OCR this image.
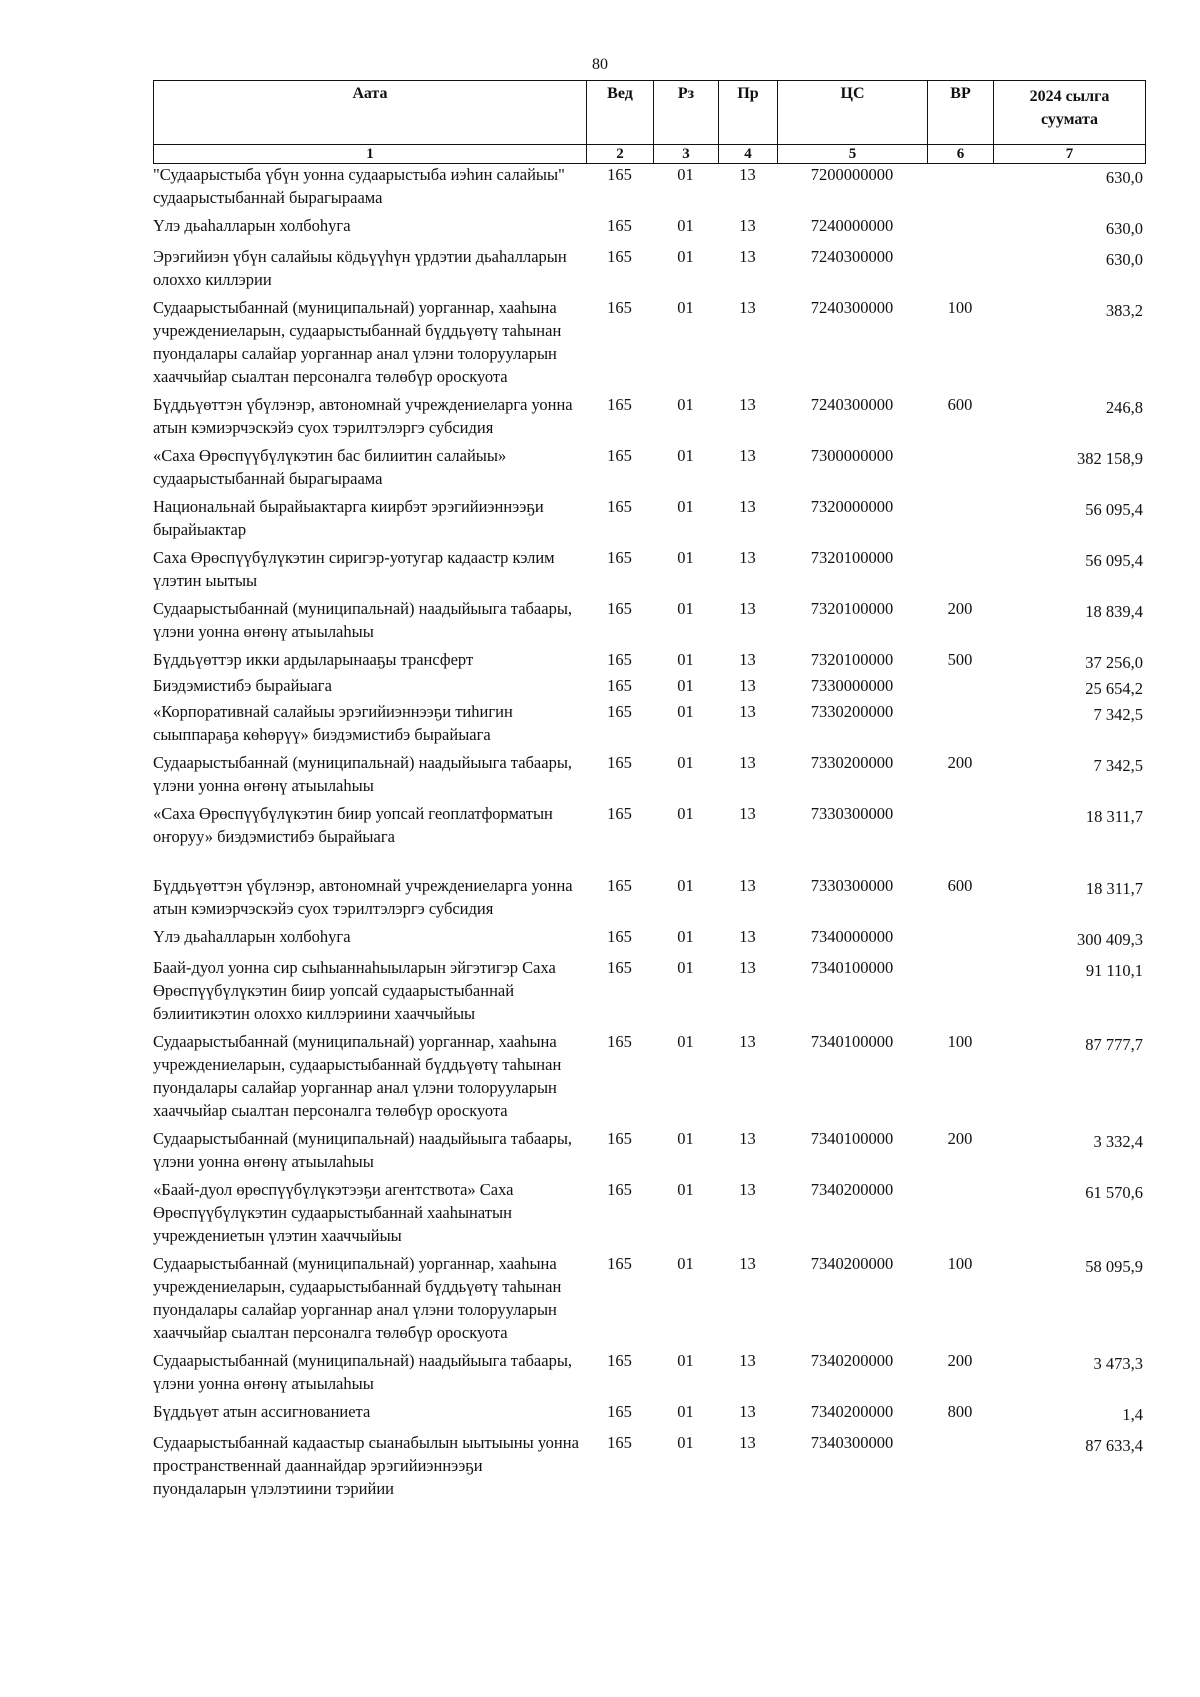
80
Аата	Вед	Рз	Пр	ЦС	ВР	2024 сылга
суумата

1	2	3	4	5	6	7
"Судаарыстыба үбүн уонна судаарыстыба иэһин салайыы" судаарыстыбаннай бырагыраама	165	01	13	7200000000		630,0
Үлэ дьаһалларын холбоһуга	165	01	13	7240000000		630,0
Эрэгийиэн үбүн салайыы кӧдьүүһүн үрдэтии дьаһалларын олоххо киллэрии	165	01	13	7240300000		630,0
Судаарыстыбаннай (муниципальнай) уорганнар, хааһына учреждениеларын, судаарыстыбаннай бүддьүөтү таһынан пуондалары салайар уорганнар анал үлэни толорууларын хааччыйар сыалтан персоналга төлөбүр ороскуота	165	01	13	7240300000	100	383,2
Бүддьүөттэн үбүлэнэр, автономнай учреждениеларга уонна атын кэмиэрчэскэйэ суох тэрилтэлэргэ субсидия	165	01	13	7240300000	600	246,8
«Саха Өрөспүүбүлүкэтин бас билиитин салайыы» судаарыстыбаннай бырагыраама	165	01	13	7300000000		382 158,9
Национальнай бырайыактарга киирбэт эрэгийиэннээҕи бырайыактар	165	01	13	7320000000		56 095,4
Саха Өрөспүүбүлүкэтин сиригэр-уотугар кадаастр кэлим үлэтин ыытыы	165	01	13	7320100000		56 095,4
Судаарыстыбаннай (муниципальнай) наадыйыыга табаары, үлэни уонна өҥөнү атыылаһыы	165	01	13	7320100000	200	18 839,4
Бүддьүөттэр икки ардыларынааҕы трансферт	165	01	13	7320100000	500	37 256,0
Биэдэмистибэ бырайыага	165	01	13	7330000000		25 654,2
«Корпоративнай салайыы эрэгийиэннээҕи тиһигин сыыппараҕа көһөрүү» биэдэмистибэ бырайыага	165	01	13	7330200000		7 342,5
Судаарыстыбаннай (муниципальнай) наадыйыыга табаары, үлэни уонна өҥөнү атыылаһыы	165	01	13	7330200000	200	7 342,5
«Саха Өрөспүүбүлүкэтин биир уопсай геоплатформатын оҥоруу» биэдэмистибэ бырайыага	165	01	13	7330300000		18 311,7
Бүддьүөттэн үбүлэнэр, автономнай учреждениеларга уонна атын кэмиэрчэскэйэ суох тэрилтэлэргэ субсидия	165	01	13	7330300000	600	18 311,7
Үлэ дьаһалларын холбоһуга	165	01	13	7340000000		300 409,3
Баай-дуол уонна сир сыһыаннаһыыларын эйгэтигэр Саха Өрөспүүбүлүкэтин биир уопсай судаарыстыбаннай бэлиитикэтин олоххо киллэриини хааччыйыы	165	01	13	7340100000		91 110,1
Судаарыстыбаннай (муниципальнай) уорганнар, хааһына учреждениеларын, судаарыстыбаннай бүддьүөтү таһынан пуондалары салайар уорганнар анал үлэни толорууларын хааччыйар сыалтан персоналга төлөбүр ороскуота	165	01	13	7340100000	100	87 777,7
Судаарыстыбаннай (муниципальнай) наадыйыыга табаары, үлэни уонна өҥөнү атыылаһыы	165	01	13	7340100000	200	3 332,4
«Баай-дуол өрөспүүбүлүкэтээҕи агентствота» Саха Өрөспүүбүлүкэтин судаарыстыбаннай хааһынатын учреждениетын үлэтин хааччыйыы	165	01	13	7340200000		61 570,6
Судаарыстыбаннай (муниципальнай) уорганнар, хааһына учреждениеларын, судаарыстыбаннай бүддьүөтү таһынан пуондалары салайар уорганнар анал үлэни толорууларын хааччыйар сыалтан персоналга төлөбүр ороскуота	165	01	13	7340200000	100	58 095,9
Судаарыстыбаннай (муниципальнай) наадыйыыга табаары, үлэни уонна өҥөнү атыылаһыы	165	01	13	7340200000	200	3 473,3
Бүддьүөт атын ассигнованиета	165	01	13	7340200000	800	1,4
Судаарыстыбаннай кадаастыр сыанабылын ыытыыны уонна пространственнай дааннайдар эрэгийиэннээҕи пуондаларын үлэлэтиини тэрийии	165	01	13	7340300000		87 633,4
